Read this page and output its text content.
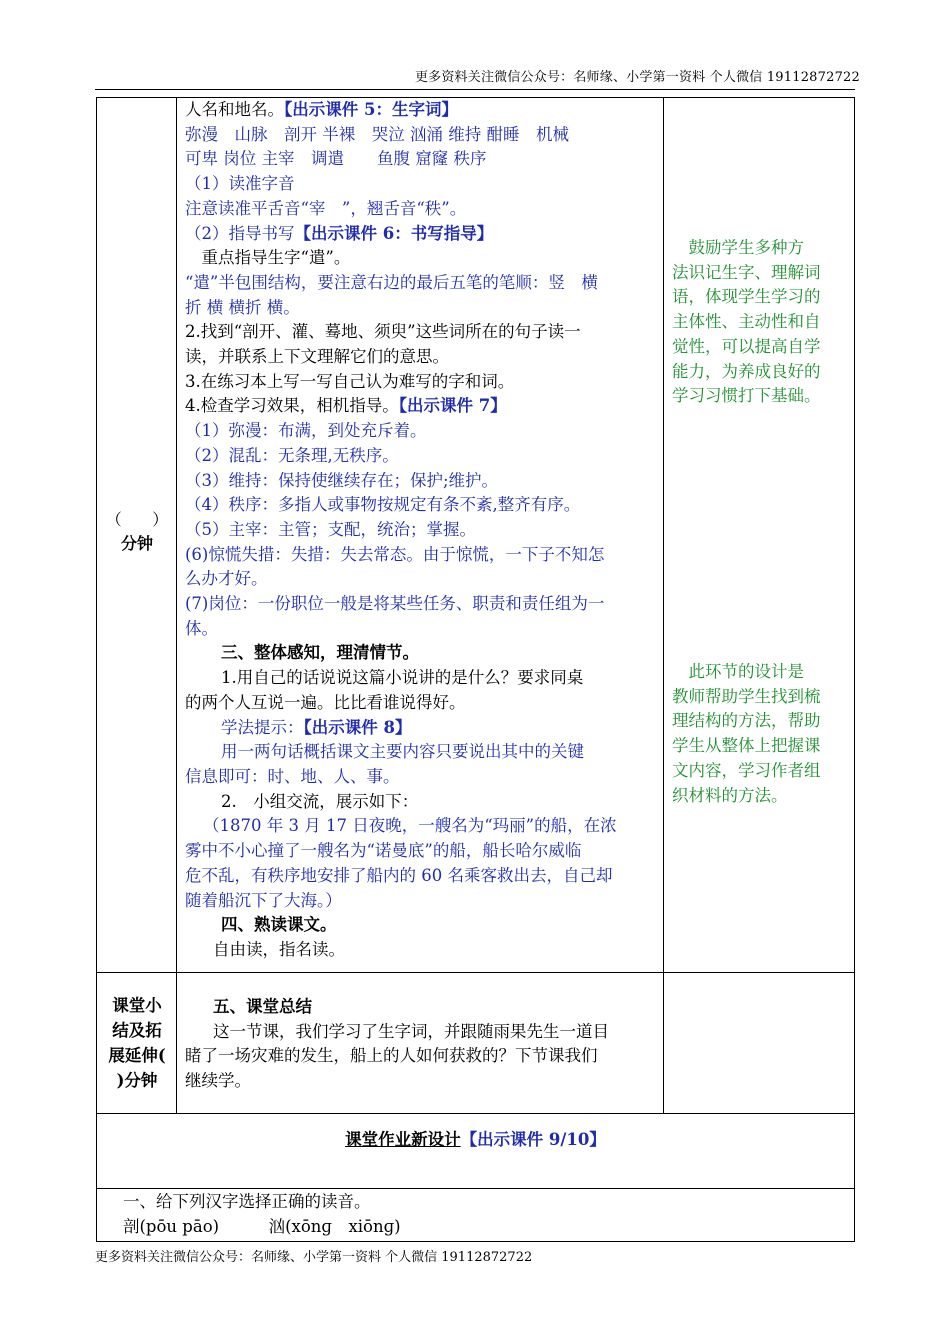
更多资料关注微信公众号：名师缘、小学第一资料 个人微信 19112872722
（ ）
分钟
人名和地名。【出示课件 5：生字词】
弥漫　山脉　剖开 半裸　哭泣 汹涌 维持 酣睡　机械
可卑 岗位 主宰　调遣　　鱼腹 窟窿 秩序
（1）读准字音
注意读准平舌音“宰　”，翘舌音“秩”。
（2）指导书写【出示课件 6：书写指导】
　重点指导生字“遣”。
“遣”半包围结构，要注意右边的最后五笔的笔顺：竖　横
折 横 横折 横。
2.找到“剖开、灌、蓦地、须臾”这些词所在的句子读一
读，并联系上下文理解它们的意思。
3.在练习本上写一写自己认为难写的字和词。
4.检查学习效果，相机指导。【出示课件 7】
（1）弥漫：布满，到处充斥着。
（2）混乱：无条理,无秩序。
（3）维持：保持使继续存在；保护;维护。
（4）秩序：多指人或事物按规定有条不紊,整齐有序。
（5）主宰：主管；支配，统治；掌握。
(6)惊慌失措：失措：失去常态。由于惊慌，一下子不知怎
么办才好。
(7)岗位：一份职位一般是将某些任务、职责和责任组为一
体。
三、整体感知，理清情节。
1.用自己的话说说这篇小说讲的是什么？要求同桌
的两个人互说一遍。比比看谁说得好。
学法提示：【出示课件 8】
用一两句话概括课文主要内容只要说出其中的关键
信息即可：时、地、人、事。
2.　小组交流，展示如下：
（1870 年 3 月 17 日夜晚，一艘名为“玛丽”的船，在浓
雾中不小心撞了一艘名为“诺曼底”的船，船长哈尔威临
危不乱，有秩序地安排了船内的 60 名乘客救出去，自己却
随着船沉下了大海。）
四、熟读课文。
自由读，指名读。
　鼓励学生多种方
法识记生字、理解词
语，体现学生学习的
主体性、主动性和自
觉性，可以提高自学
能力，为养成良好的
学习习惯打下基础。
　此环节的设计是
教师帮助学生找到梳
理结构的方法，帮助
学生从整体上把握课
文内容，学习作者组
织材料的方法。
课堂小
结及拓
展延伸(
)分钟
五、课堂总结
这一节课，我们学习了生字词，并跟随雨果先生一道目
睹了一场灾难的发生，船上的人如何获救的？下节课我们
继续学。
课堂作业新设计【出示课件 9/10】
一、给下列汉字选择正确的读音。
剖(pōu pāo)　　　汹(xōnɡ　xiōnɡ)
更多资料关注微信公众号：名师缘、小学第一资料 个人微信 19112872722
